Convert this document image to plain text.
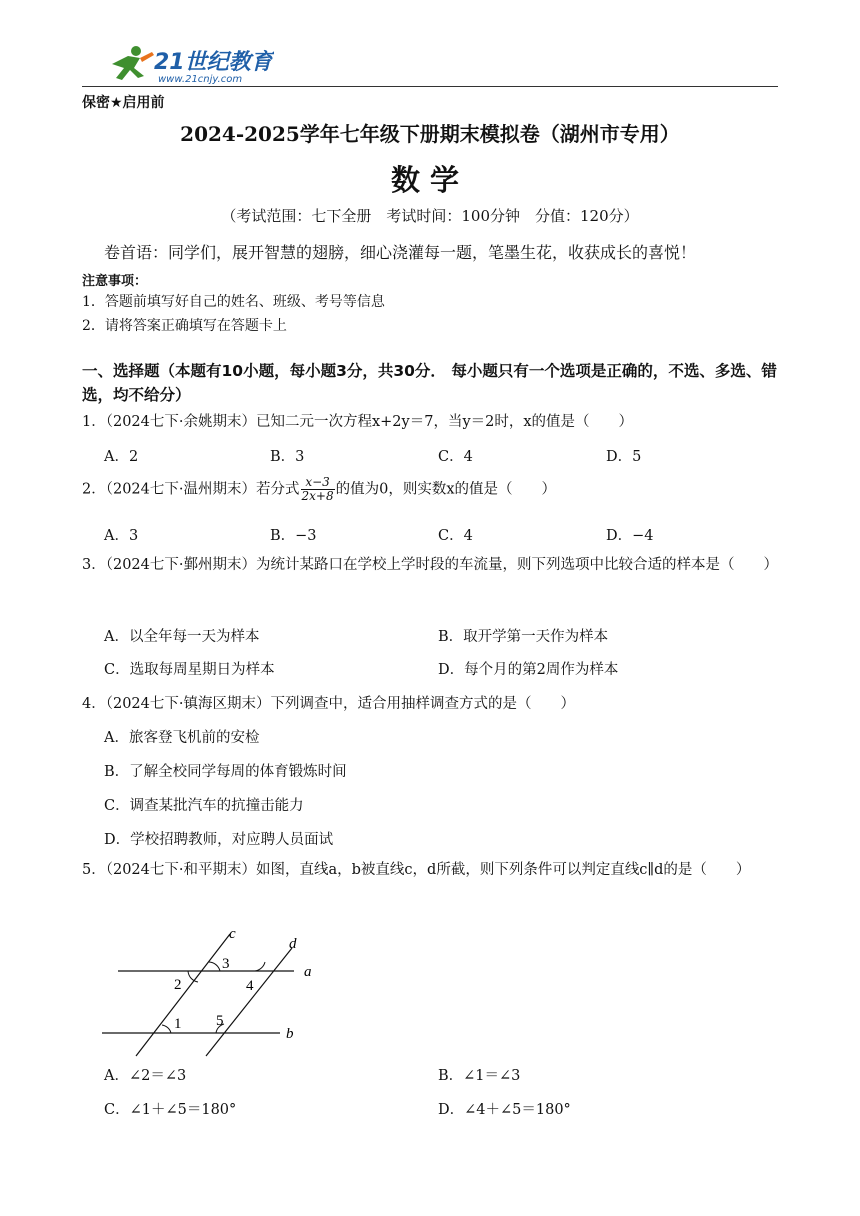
21世纪教育
www.21cnjy.com
保密★启用前
2024-2025学年七年级下册期末模拟卷（湖州市专用）
数学
（考试范围：七下全册　考试时间：100分钟　分值：120分）
卷首语：同学们，展开智慧的翅膀，细心浇灌每一题，笔墨生花，收获成长的喜悦！
注意事项：
1．答题前填写好自己的姓名、班级、考号等信息
2．请将答案正确填写在答题卡上
一、选择题（本题有10小题，每小题3分，共30分． 每小题只有一个选项是正确的，不选、多选、错选，均不给分）
1．（2024七下·余姚期末）已知二元一次方程x+2y＝7，当y＝2时，x的值是（　　）
A．2	B．3	C．4	D．5
2．（2024七下·温州期末）若分式 $\frac{x-3}{2x+8}$ 的值为0，则实数x的值是（　　）
A．3	B．−3	C．4	D．−4
3．（2024七下·鄞州期末）为统计某路口在学校上学时段的车流量，则下列选项中比较合适的样本是（　　）
A．以全年每一天为样本	B．取开学第一天作为样本
C．选取每周星期日为样本	D．每个月的第2周作为样本
4．（2024七下·镇海区期末）下列调查中，适合用抽样调查方式的是（　　）
A．旅客登飞机前的安检
B．了解全校同学每周的体育锻炼时间
C．调查某批汽车的抗撞击能力
D．学校招聘教师，对应聘人员面试
5．（2024七下·和平期末）如图，直线a，b被直线c，d所截，则下列条件可以判定直线c∥d的是（　　）
c
d
a
b
1
2
3
4
5
A．∠2＝∠3	B．∠1＝∠3
C．∠1＋∠5＝180°	D．∠4＋∠5＝180°
